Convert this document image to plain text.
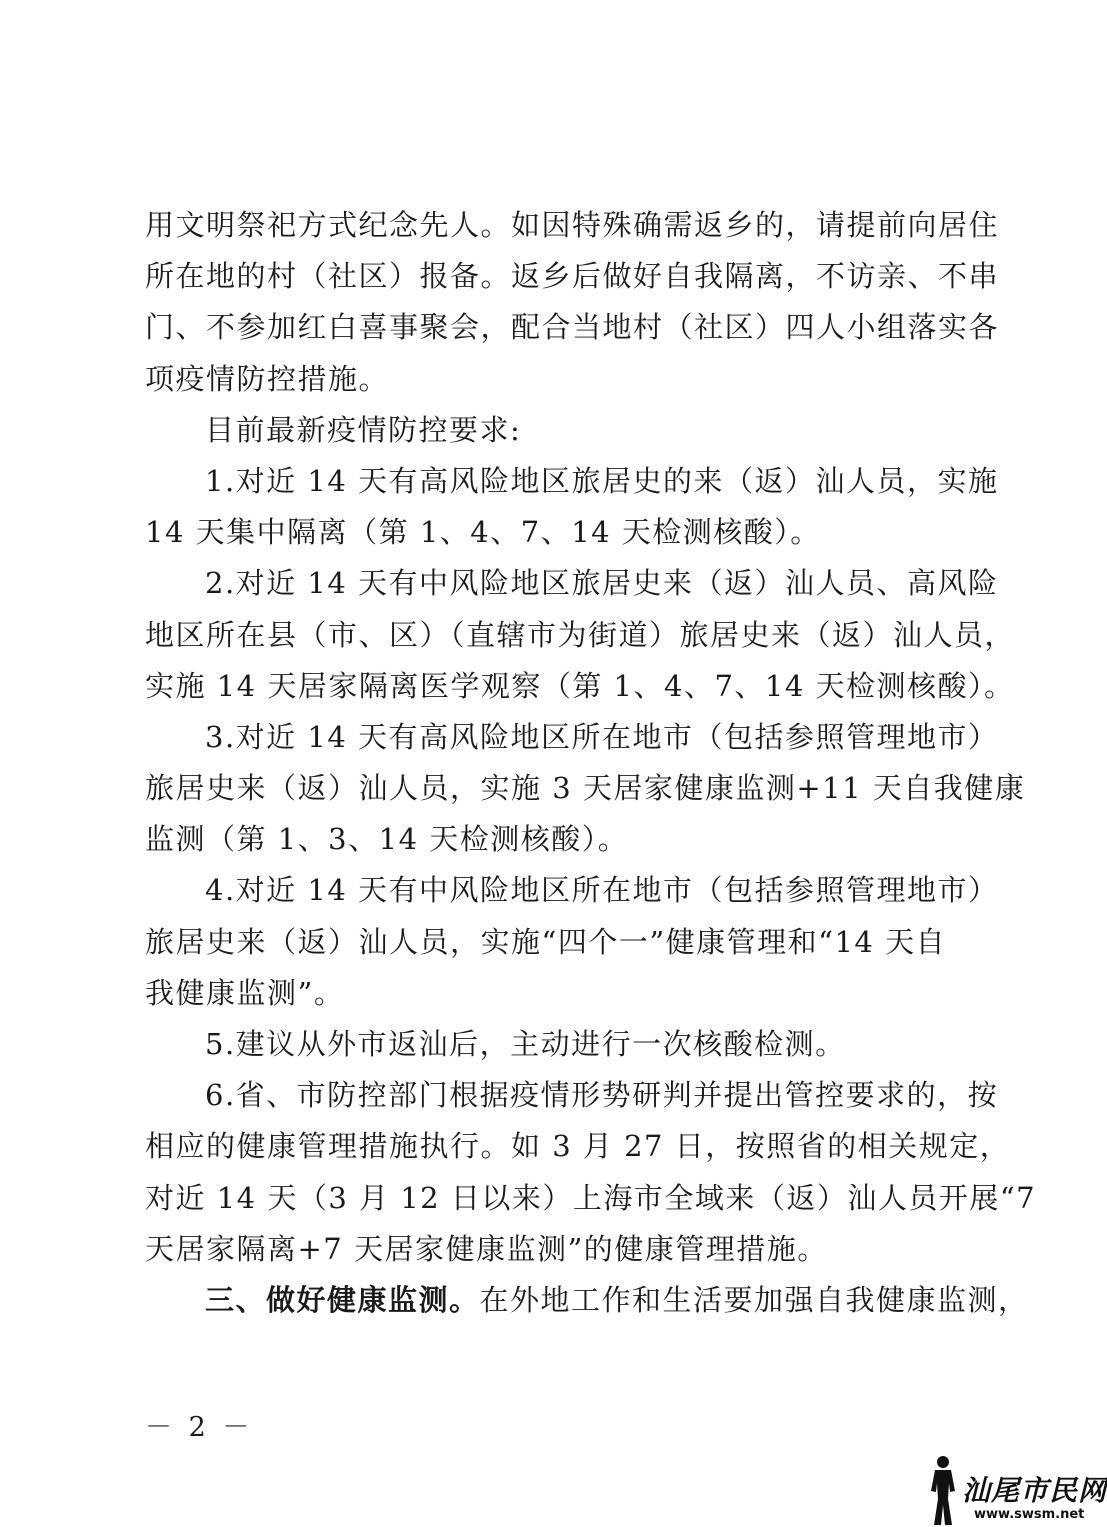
用文明祭祀方式纪念先人。如因特殊确需返乡的，请提前向居住
所在地的村（社区）报备。返乡后做好自我隔离，不访亲、不串
门、不参加红白喜事聚会，配合当地村（社区）四人小组落实各
项疫情防控措施。
目前最新疫情防控要求:
1.对近 14 天有高风险地区旅居史的来（返）汕人员，实施
14 天集中隔离（第 1、4、7、14 天检测核酸）。
2.对近 14 天有中风险地区旅居史来（返）汕人员、高风险
地区所在县（市、区）（直辖市为街道）旅居史来（返）汕人员，
实施 14 天居家隔离医学观察（第 1、4、7、14 天检测核酸）。
3.对近 14 天有高风险地区所在地市（包括参照管理地市）
旅居史来（返）汕人员，实施 3 天居家健康监测+11 天自我健康
监测（第 1、3、14 天检测核酸）。
4.对近 14 天有中风险地区所在地市（包括参照管理地市）
旅居史来（返）汕人员，实施“四个一”健康管理和“14 天自
我健康监测”。
5.建议从外市返汕后，主动进行一次核酸检测。
6.省、市防控部门根据疫情形势研判并提出管控要求的，按
相应的健康管理措施执行。如 3 月 27 日，按照省的相关规定，
对近 14 天（3 月 12 日以来）上海市全域来（返）汕人员开展“7
天居家隔离+7 天居家健康监测”的健康管理措施。
三、做好健康监测。在外地工作和生活要加强自我健康监测，
－ 2 －
汕尾市民网
www.swsm.net
